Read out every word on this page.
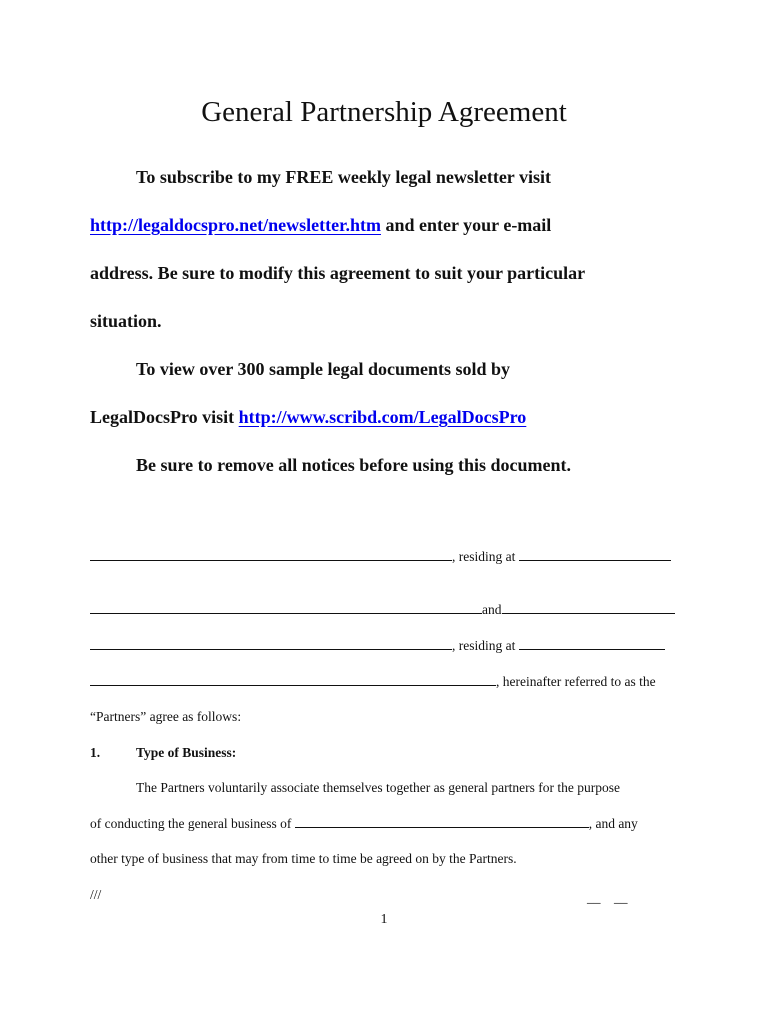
General Partnership Agreement
To subscribe to my FREE weekly legal newsletter visit
http://legaldocspro.net/newsletter.htm and enter your e-mail
address. Be sure to modify this agreement to suit your particular
situation.
To view over 300 sample legal documents sold by
LegalDocsPro visit http://www.scribd.com/LegalDocsPro
Be sure to remove all notices before using this document.
, residing at
and
, residing at
, hereinafter referred to as the
“Partners” agree as follows:
1.	Type of Business:
The Partners voluntarily associate themselves together as general partners for the purpose
of conducting the general business of	, and any
other type of business that may from time to time be agreed on by the Partners.
///	__    __
1
